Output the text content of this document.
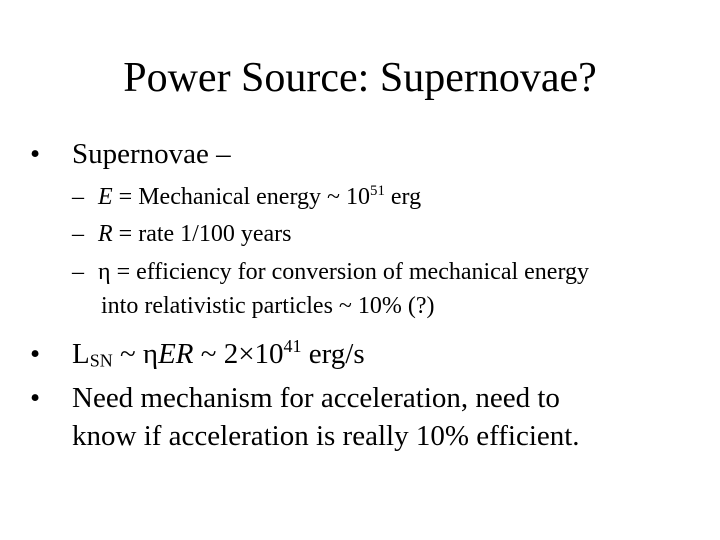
Power Source: Supernovae?
• Supernovae –
– E = Mechanical energy ~ $10^{51}$ erg
– R = rate 1/100 years
– η = efficiency for conversion of mechanical energy
into relativistic particles ~ 10% (?)
• LSN ~ ηER ~ $2\times 10^{41}$ erg/s
• Need mechanism for acceleration, need to
know if acceleration is really 10% efficient.
